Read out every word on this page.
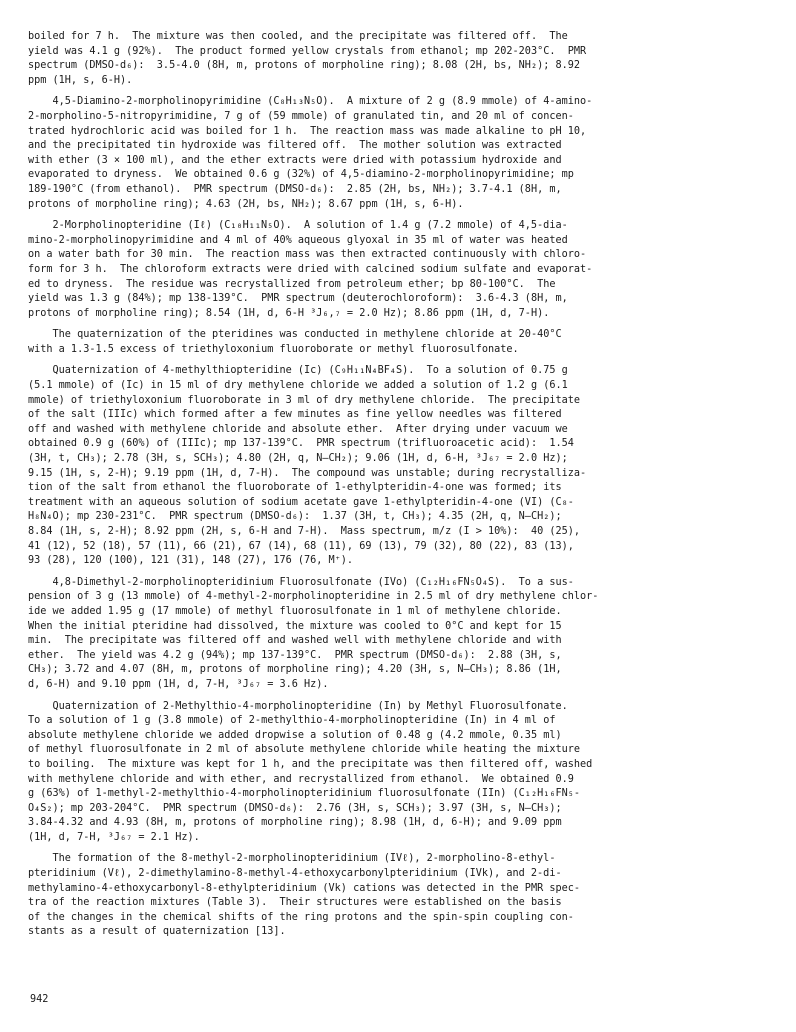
boiled for 7 h.  The mixture was then cooled, and the precipitate was filtered off.  The
yield was 4.1 g (92%).  The product formed yellow crystals from ethanol; mp 202-203°C.  PMR
spectrum (DMSO-d₆):  3.5-4.0 (8H, m, protons of morpholine ring); 8.08 (2H, bs, NH₂); 8.92
ppm (1H, s, 6-H).
4,5-Diamino-2-morpholinopyrimidine (C₈H₁₃N₅O).  A mixture of 2 g (8.9 mmole) of 4-amino-
2-morpholino-5-nitropyrimidine, 7 g of (59 mmole) of granulated tin, and 20 ml of concen-
trated hydrochloric acid was boiled for 1 h.  The reaction mass was made alkaline to pH 10,
and the precipitated tin hydroxide was filtered off.  The mother solution was extracted
with ether (3 × 100 ml), and the ether extracts were dried with potassium hydroxide and
evaporated to dryness.  We obtained 0.6 g (32%) of 4,5-diamino-2-morpholinopyrimidine; mp
189-190°C (from ethanol).  PMR spectrum (DMSO-d₆):  2.85 (2H, bs, NH₂); 3.7-4.1 (8H, m,
protons of morpholine ring); 4.63 (2H, bs, NH₂); 8.67 ppm (1H, s, 6-H).
2-Morpholinopteridine (Iℓ) (C₁₀H₁₁N₅O).  A solution of 1.4 g (7.2 mmole) of 4,5-dia-
mino-2-morpholinopyrimidine and 4 ml of 40% aqueous glyoxal in 35 ml of water was heated
on a water bath for 30 min.  The reaction mass was then extracted continuously with chloro-
form for 3 h.  The chloroform extracts were dried with calcined sodium sulfate and evaporat-
ed to dryness.  The residue was recrystallized from petroleum ether; bp 80-100°C.  The
yield was 1.3 g (84%); mp 138-139°C.  PMR spectrum (deuterochloroform):  3.6-4.3 (8H, m,
protons of morpholine ring); 8.54 (1H, d, 6-H ³J₆,₇ = 2.0 Hz); 8.86 ppm (1H, d, 7-H).
The quaternization of the pteridines was conducted in methylene chloride at 20-40°C
with a 1.3-1.5 excess of triethyloxonium fluoroborate or methyl fluorosulfonate.
Quaternization of 4-methylthiopteridine (Ic) (C₉H₁₁N₄BF₄S).  To a solution of 0.75 g
(5.1 mmole) of (Ic) in 15 ml of dry methylene chloride we added a solution of 1.2 g (6.1
mmole) of triethyloxonium fluoroborate in 3 ml of dry methylene chloride.  The precipitate
of the salt (IIIc) which formed after a few minutes as fine yellow needles was filtered
off and washed with methylene chloride and absolute ether.  After drying under vacuum we
obtained 0.9 g (60%) of (IIIc); mp 137-139°C.  PMR spectrum (trifluoroacetic acid):  1.54
(3H, t, CH₃); 2.78 (3H, s, SCH₃); 4.80 (2H, q, N—CH₂); 9.06 (1H, d, 6-H, ³J₆₇ = 2.0 Hz);
9.15 (1H, s, 2-H); 9.19 ppm (1H, d, 7-H).  The compound was unstable; during recrystalliza-
tion of the salt from ethanol the fluoroborate of 1-ethylpteridin-4-one was formed; its
treatment with an aqueous solution of sodium acetate gave 1-ethylpteridin-4-one (VI) (C₈-
H₈N₄O); mp 230-231°C.  PMR spectrum (DMSO-d₆):  1.37 (3H, t, CH₃); 4.35 (2H, q, N—CH₂);
8.84 (1H, s, 2-H); 8.92 ppm (2H, s, 6-H and 7-H).  Mass spectrum, m/z (I > 10%):  40 (25),
41 (12), 52 (18), 57 (11), 66 (21), 67 (14), 68 (11), 69 (13), 79 (32), 80 (22), 83 (13),
93 (28), 120 (100), 121 (31), 148 (27), 176 (76, M⁺).
4,8-Dimethyl-2-morpholinopteridinium Fluorosulfonate (IVo) (C₁₂H₁₆FN₅O₄S).  To a sus-
pension of 3 g (13 mmole) of 4-methyl-2-morpholinopteridine in 2.5 ml of dry methylene chlor-
ide we added 1.95 g (17 mmole) of methyl fluorosulfonate in 1 ml of methylene chloride.
When the initial pteridine had dissolved, the mixture was cooled to 0°C and kept for 15
min.  The precipitate was filtered off and washed well with methylene chloride and with
ether.  The yield was 4.2 g (94%); mp 137-139°C.  PMR spectrum (DMSO-d₆):  2.88 (3H, s,
CH₃); 3.72 and 4.07 (8H, m, protons of morpholine ring); 4.20 (3H, s, N—CH₃); 8.86 (1H,
d, 6-H) and 9.10 ppm (1H, d, 7-H, ³J₆₇ = 3.6 Hz).
Quaternization of 2-Methylthio-4-morpholinopteridine (In) by Methyl Fluorosulfonate.
To a solution of 1 g (3.8 mmole) of 2-methylthio-4-morpholinopteridine (In) in 4 ml of
absolute methylene chloride we added dropwise a solution of 0.48 g (4.2 mmole, 0.35 ml)
of methyl fluorosulfonate in 2 ml of absolute methylene chloride while heating the mixture
to boiling.  The mixture was kept for 1 h, and the precipitate was then filtered off, washed
with methylene chloride and with ether, and recrystallized from ethanol.  We obtained 0.9
g (63%) of 1-methyl-2-methylthio-4-morpholinopteridinium fluorosulfonate (IIn) (C₁₂H₁₆FN₅-
O₄S₂); mp 203-204°C.  PMR spectrum (DMSO-d₆):  2.76 (3H, s, SCH₃); 3.97 (3H, s, N—CH₃);
3.84-4.32 and 4.93 (8H, m, protons of morpholine ring); 8.98 (1H, d, 6-H); and 9.09 ppm
(1H, d, 7-H, ³J₆₇ = 2.1 Hz).
The formation of the 8-methyl-2-morpholinopteridinium (IVℓ), 2-morpholino-8-ethyl-
pteridinium (Vℓ), 2-dimethylamino-8-methyl-4-ethoxycarbonylpteridinium (IVk), and 2-di-
methylamino-4-ethoxycarbonyl-8-ethylpteridinium (Vk) cations was detected in the PMR spec-
tra of the reaction mixtures (Table 3).  Their structures were established on the basis
of the changes in the chemical shifts of the ring protons and the spin-spin coupling con-
stants as a result of quaternization [13].
942
